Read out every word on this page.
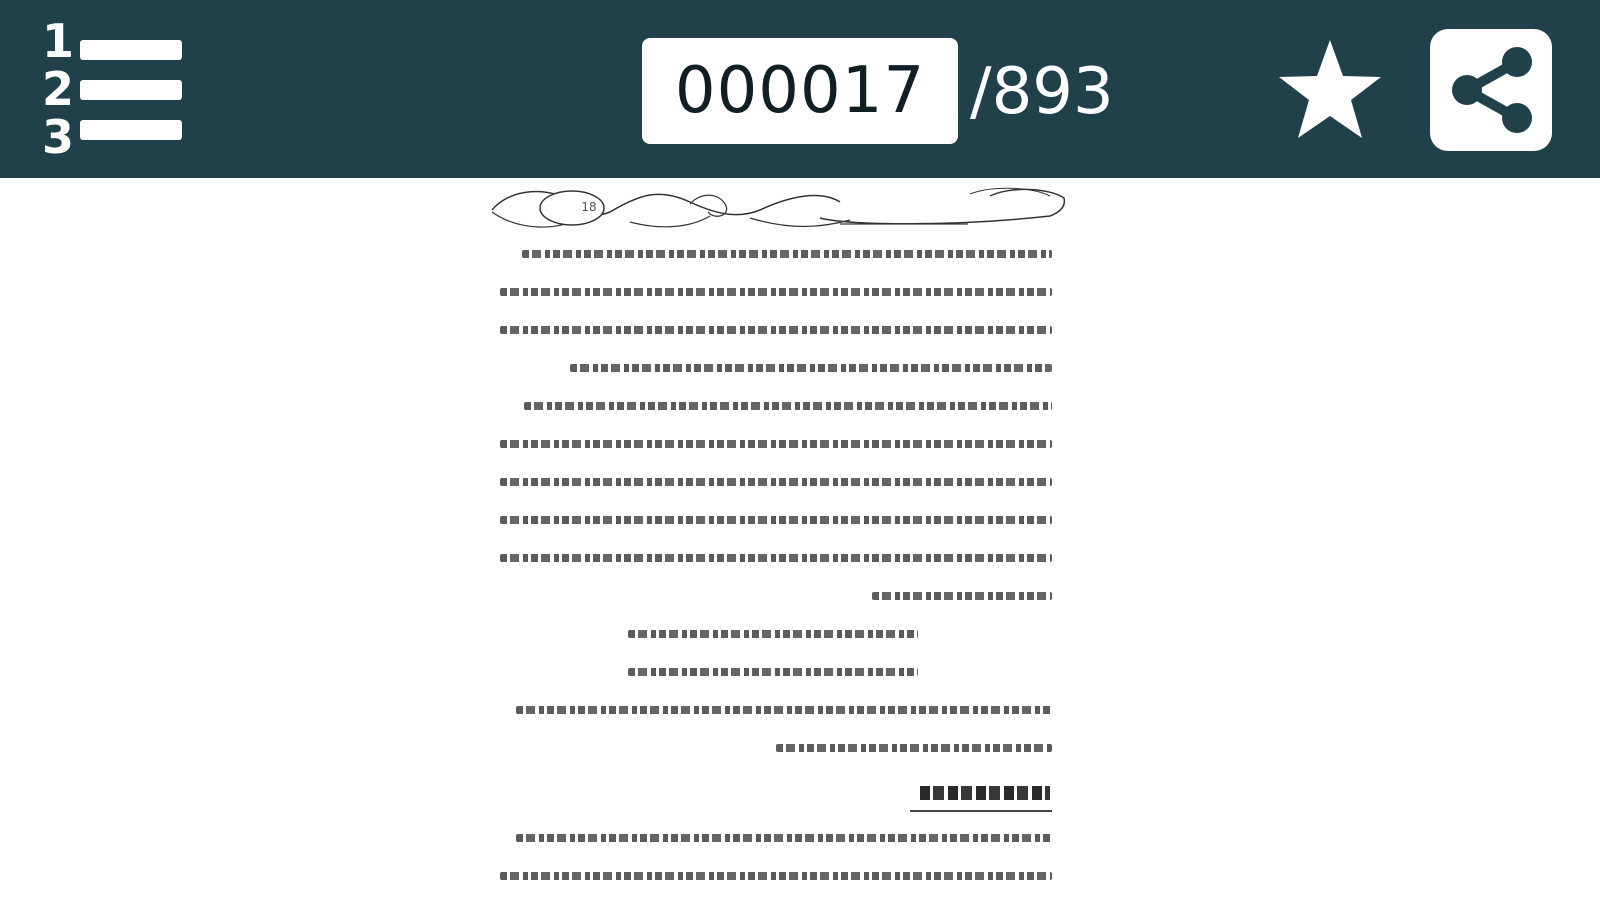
1
2
3
000017 /893
18
